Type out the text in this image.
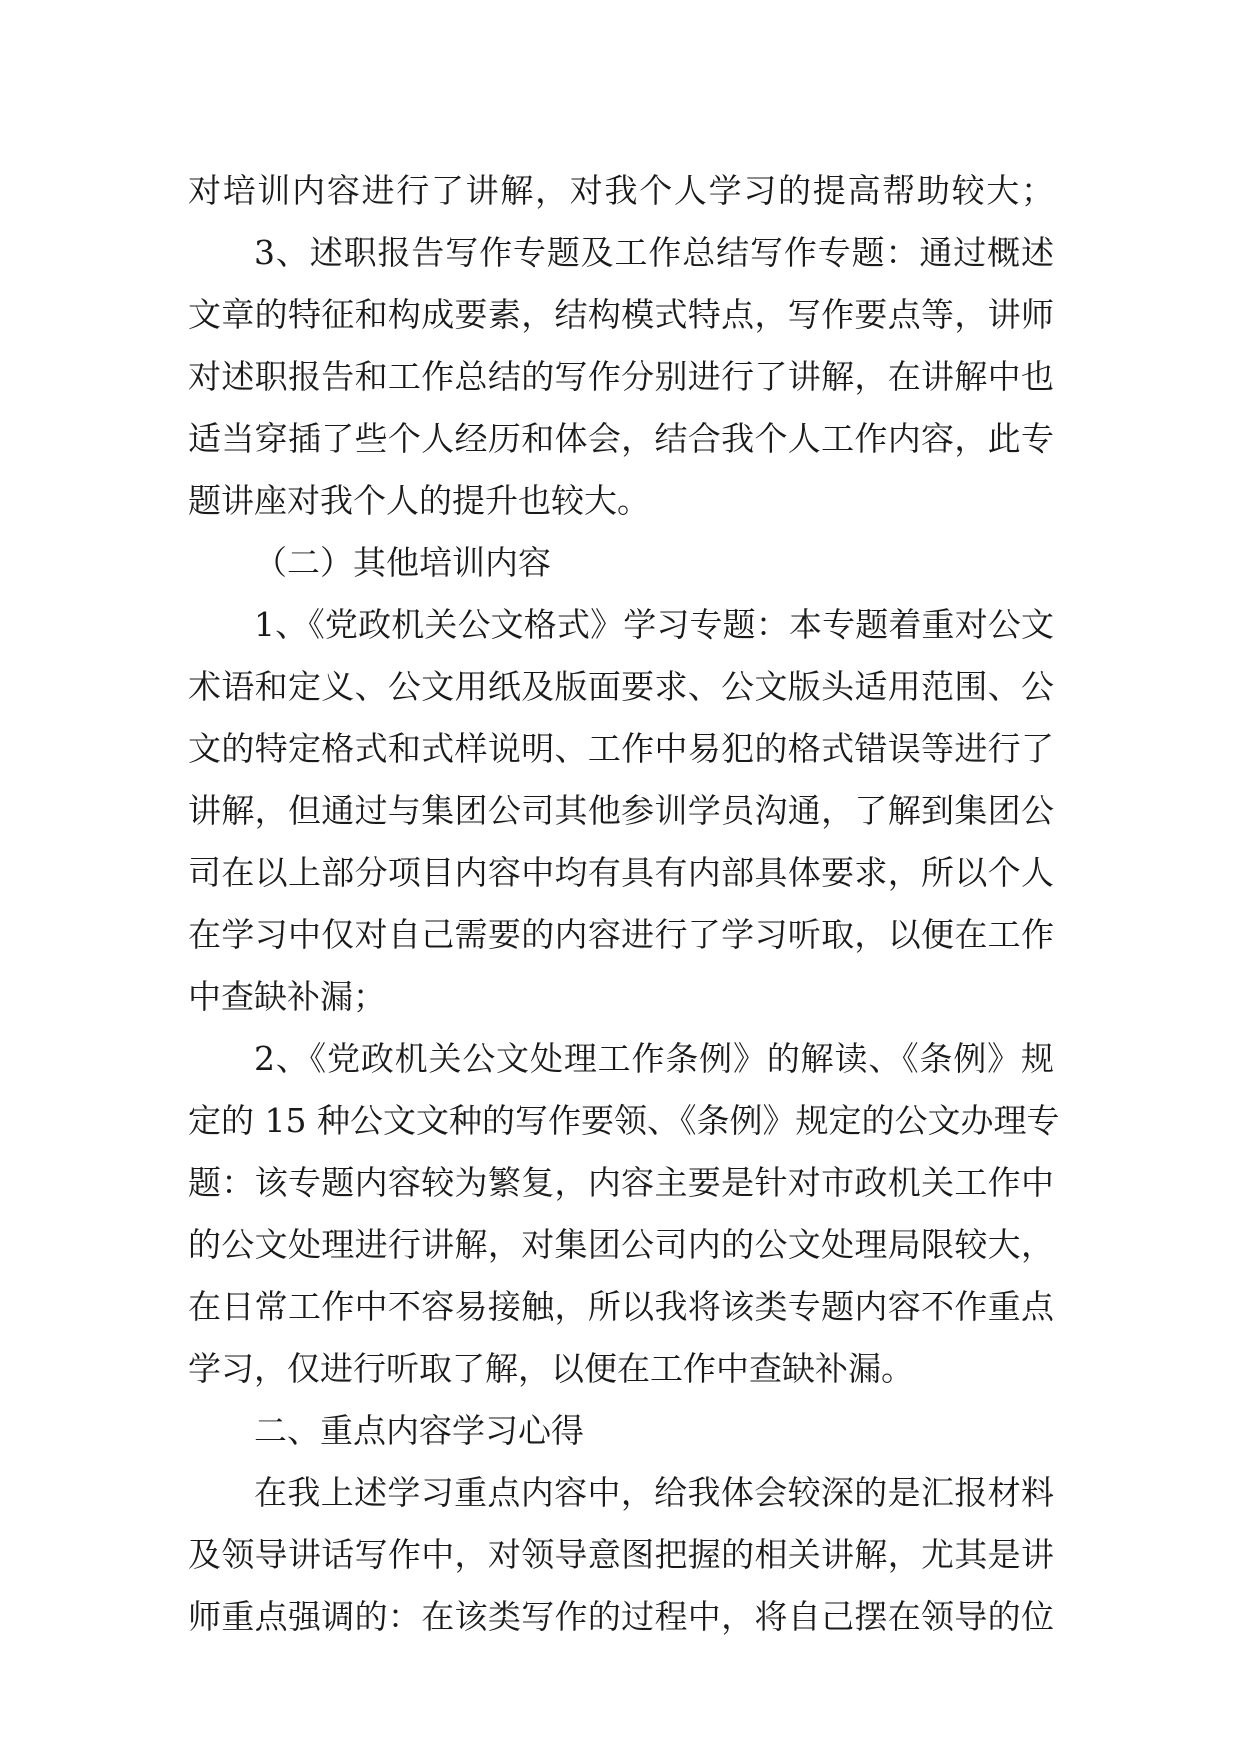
对培训内容进行了讲解，对我个人学习的提高帮助较大；
3、述职报告写作专题及工作总结写作专题：通过概述
文章的特征和构成要素，结构模式特点，写作要点等，讲师
对述职报告和工作总结的写作分别进行了讲解，在讲解中也
适当穿插了些个人经历和体会，结合我个人工作内容，此专
题讲座对我个人的提升也较大。
（二）其他培训内容
1、《党政机关公文格式》学习专题：本专题着重对公文
术语和定义、公文用纸及版面要求、公文版头适用范围、公
文的特定格式和式样说明、工作中易犯的格式错误等进行了
讲解，但通过与集团公司其他参训学员沟通，了解到集团公
司在以上部分项目内容中均有具有内部具体要求，所以个人
在学习中仅对自己需要的内容进行了学习听取，以便在工作
中查缺补漏；
2、《党政机关公文处理工作条例》的解读、《条例》规
定的 15 种公文文种的写作要领、《条例》规定的公文办理专
题：该专题内容较为繁复，内容主要是针对市政机关工作中
的公文处理进行讲解，对集团公司内的公文处理局限较大，
在日常工作中不容易接触，所以我将该类专题内容不作重点
学习，仅进行听取了解，以便在工作中查缺补漏。
二、重点内容学习心得
在我上述学习重点内容中，给我体会较深的是汇报材料
及领导讲话写作中，对领导意图把握的相关讲解，尤其是讲
师重点强调的：在该类写作的过程中，将自己摆在领导的位
